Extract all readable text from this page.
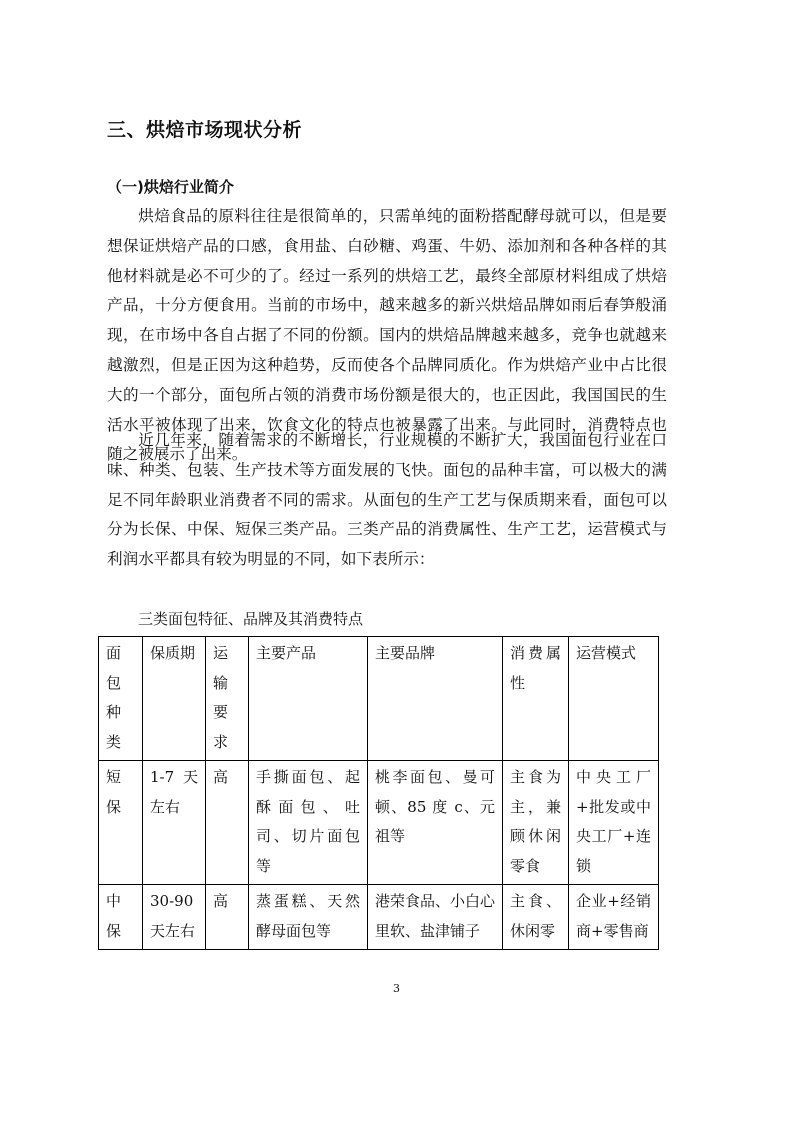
三、烘焙市场现状分析
（一)烘焙行业简介

烘焙食品的原料往往是很简单的，只需单纯的面粉搭配酵母就可以，但是要想保证烘焙产品的口感，食用盐、白砂糖、鸡蛋、牛奶、添加剂和各种各样的其他材料就是必不可少的了。经过一系列的烘焙工艺，最终全部原材料组成了烘焙产品，十分方便食用。当前的市场中，越来越多的新兴烘焙品牌如雨后春笋般涌现，在市场中各自占据了不同的份额。国内的烘焙品牌越来越多，竞争也就越来越激烈，但是正因为这种趋势，反而使各个品牌同质化。作为烘焙产业中占比很大的一个部分，面包所占领的消费市场份额是很大的，也正因此，我国国民的生活水平被体现了出来，饮食文化的特点也被暴露了出来。与此同时，消费特点也随之被展示了出来。

近几年来，随着需求的不断增长，行业规模的不断扩大，我国面包行业在口味、种类、包装、生产技术等方面发展的飞快。面包的品种丰富，可以极大的满足不同年龄职业消费者不同的需求。从面包的生产工艺与保质期来看，面包可以分为长保、中保、短保三类产品。三类产品的消费属性、生产工艺，运营模式与利润水平都具有较为明显的不同，如下表所示：

三类面包特征、品牌及其消费特点
面包种类	保质期	运输要求	主要产品	主要品牌	消费属性	运营模式
短保	1-7 天左右	高	手撕面包、起酥面包、吐司、切片面包等	桃李面包、曼可顿、85 度 c、元祖等	主食为主，兼顾休闲零食	中央工厂+批发或中央工厂+连锁
中保	30-90 天左右	高	蒸蛋糕、天然酵母面包等	港荣食品、小白心里软、盐津铺子	主食、休闲零	企业+经销商+零售商
3
